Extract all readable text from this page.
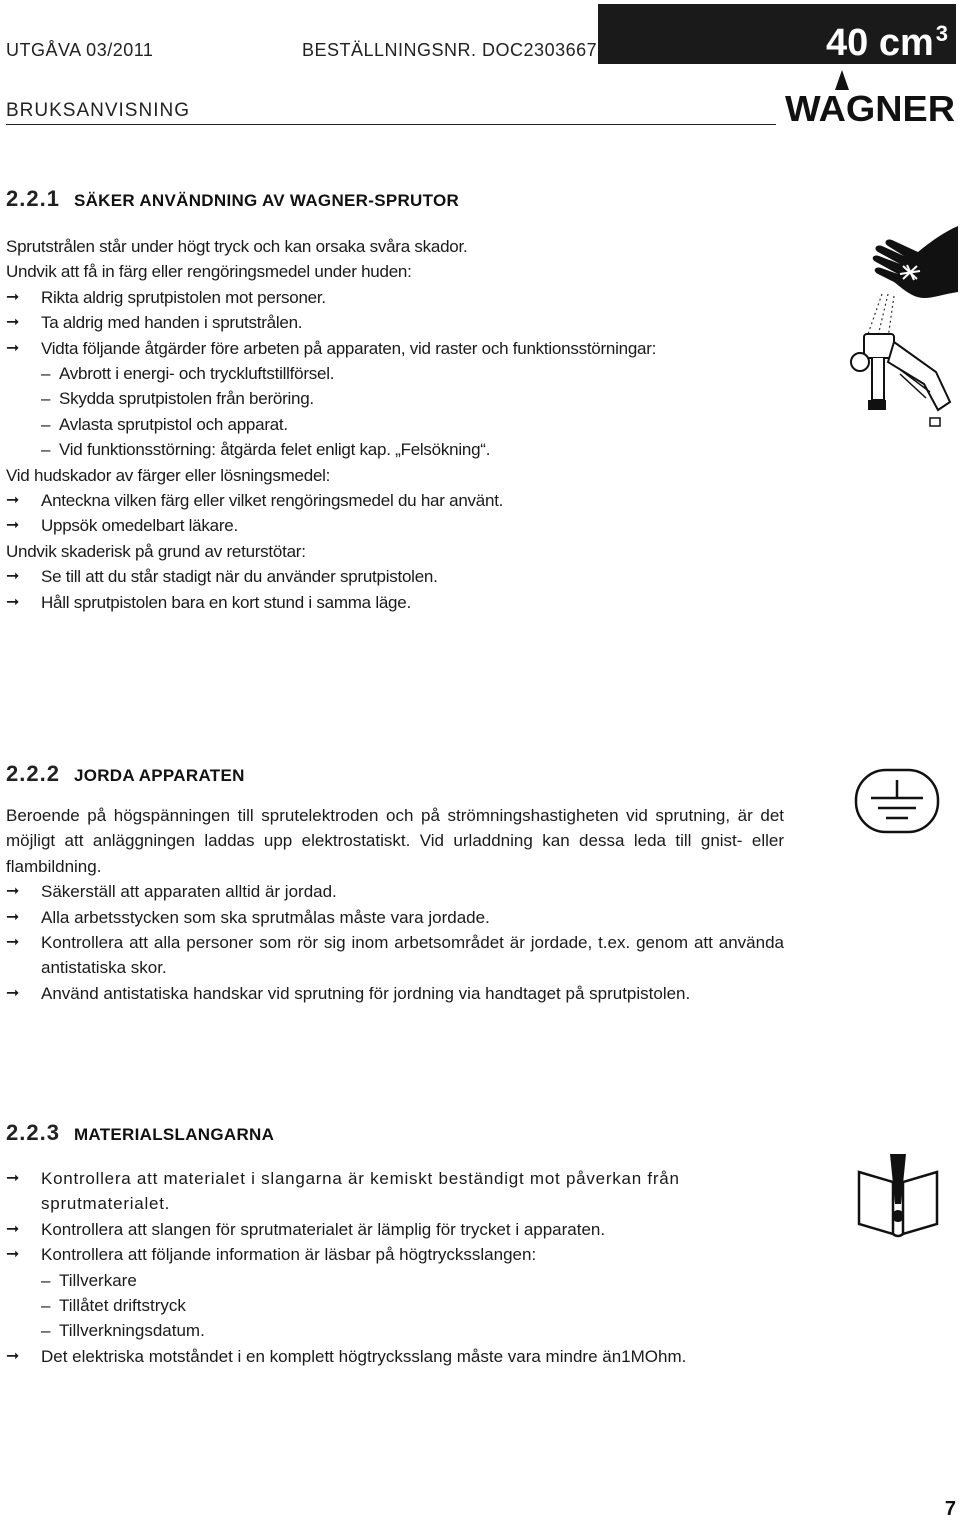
UTGÅVA 03/2011	BESTÄLLNINGSNR. DOC2303667
BRUKSANVISNING
40 $cm^3$
WAGNER
2.2.1 SÄKER ANVÄNDNING AV WAGNER-SPRUTOR

Sprutstrålen står under högt tryck och kan orsaka svåra skador.

Undvik att få in färg eller rengöringsmedel under huden:

➞	Rikta aldrig sprutpistolen mot personer.

➞	Ta aldrig med handen i sprutstrålen.

➞	Vidta följande åtgärder före arbeten på apparaten, vid raster och funktionsstörningar:

– Avbrott i energi- och tryckluftstillförsel.

– Skydda sprutpistolen från beröring.

– Avlasta sprutpistol och apparat.

– Vid funktionsstörning: åtgärda felet enligt kap. „Felsökning“.

Vid hudskador av färger eller lösningsmedel:

➞	Anteckna vilken färg eller vilket rengöringsmedel du har använt.

➞	Uppsök omedelbart läkare.

Undvik skaderisk på grund av returstötar:

➞	Se till att du står stadigt när du använder sprutpistolen.

➞	Håll sprutpistolen bara en kort stund i samma läge.

2.2.2 JORDA APPARATEN

Beroende på högspänningen till sprutelektroden och på strömningshastigheten vid sprutning, är det möjligt att anläggningen laddas upp elektrostatiskt. Vid urladdning kan dessa leda till gnist- eller flambildning.

➞	Säkerställ att apparaten alltid är jordad.

➞	Alla arbetsstycken som ska sprutmålas måste vara jordade.

➞	Kontrollera att alla personer som rör sig inom arbetsområdet är jordade, t.ex. genom att använda antistatiska skor.

➞	Använd antistatiska handskar vid sprutning för jordning via handtaget på sprutpistolen.

2.2.3 MATERIALSLANGARNA

➞	Kontrollera att materialet i slangarna är kemiskt beständigt mot påverkan från sprutmaterialet.

➞	Kontrollera att slangen för sprutmaterialet är lämplig för trycket i apparaten.

➞	Kontrollera att följande information är läsbar på högtrycksslangen:

– Tillverkare

– Tillåtet driftstryck

– Tillverkningsdatum.

➞	Det elektriska motståndet i en komplett högtrycksslang måste vara mindre än1MOhm.

7
